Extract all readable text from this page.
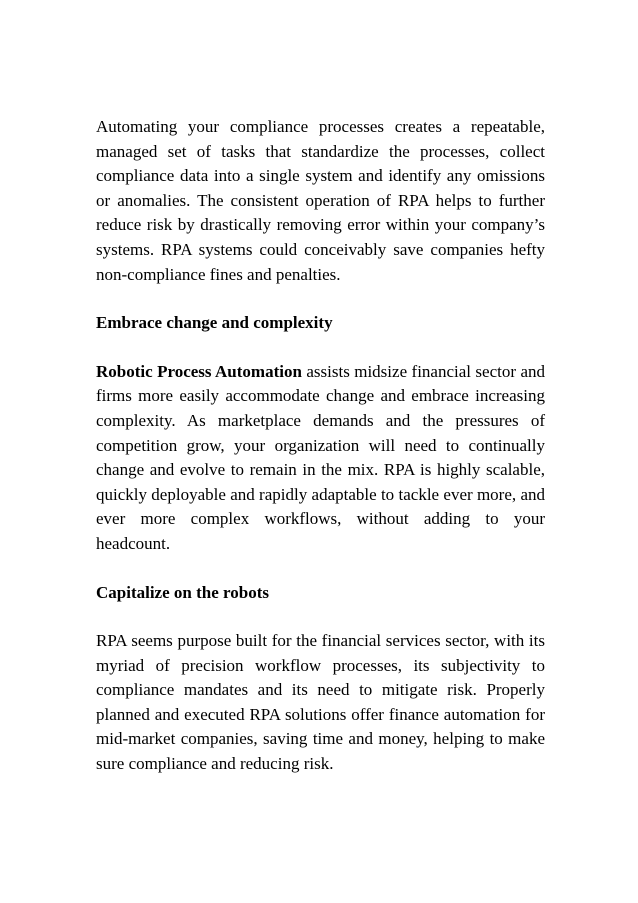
Automating your compliance processes creates a repeatable, managed set of tasks that standardize the processes, collect compliance data into a single system and identify any omissions or anomalies. The consistent operation of RPA helps to further reduce risk by drastically removing error within your company’s systems. RPA systems could conceivably save companies hefty non-compliance fines and penalties.

Embrace change and complexity

Robotic Process Automation assists midsize financial sector and firms more easily accommodate change and embrace increasing complexity. As marketplace demands and the pressures of competition grow, your organization will need to continually change and evolve to remain in the mix. RPA is highly scalable, quickly deployable and rapidly adaptable to tackle ever more, and ever more complex workflows, without adding to your headcount.

Capitalize on the robots

RPA seems purpose built for the financial services sector, with its myriad of precision workflow processes, its subjectivity to compliance mandates and its need to mitigate risk. Properly planned and executed RPA solutions offer finance automation for mid-market companies, saving time and money, helping to make sure compliance and reducing risk.
